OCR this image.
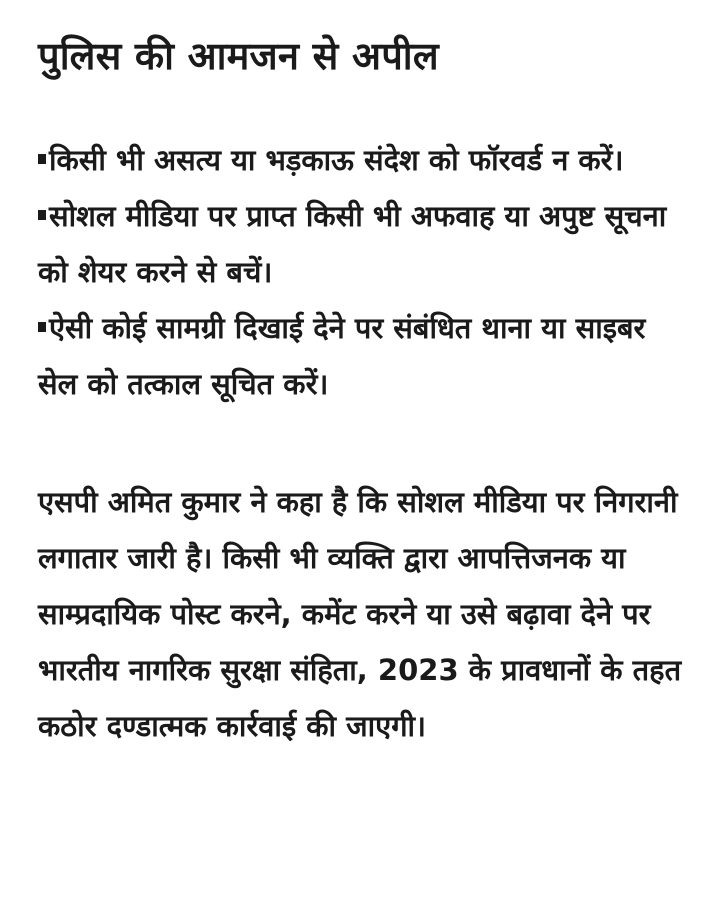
पुलिस की आमजन से अपील
किसी भी असत्य या भड़काऊ संदेश को फॉरवर्ड न करें।
सोशल मीडिया पर प्राप्त किसी भी अफवाह या अपुष्ट सूचना को शेयर करने से बचें।
ऐसी कोई सामग्री दिखाई देने पर संबंधित थाना या साइबर सेल को तत्काल सूचित करें।

एसपी अमित कुमार ने कहा है कि सोशल मीडिया पर निगरानी लगातार जारी है। किसी भी व्यक्ति द्वारा आपत्तिजनक या साम्प्रदायिक पोस्ट करने, कमेंट करने या उसे बढ़ावा देने पर भारतीय नागरिक सुरक्षा संहिता, 2023 के प्रावधानों के तहत कठोर दण्डात्मक कार्रवाई की जाएगी।
